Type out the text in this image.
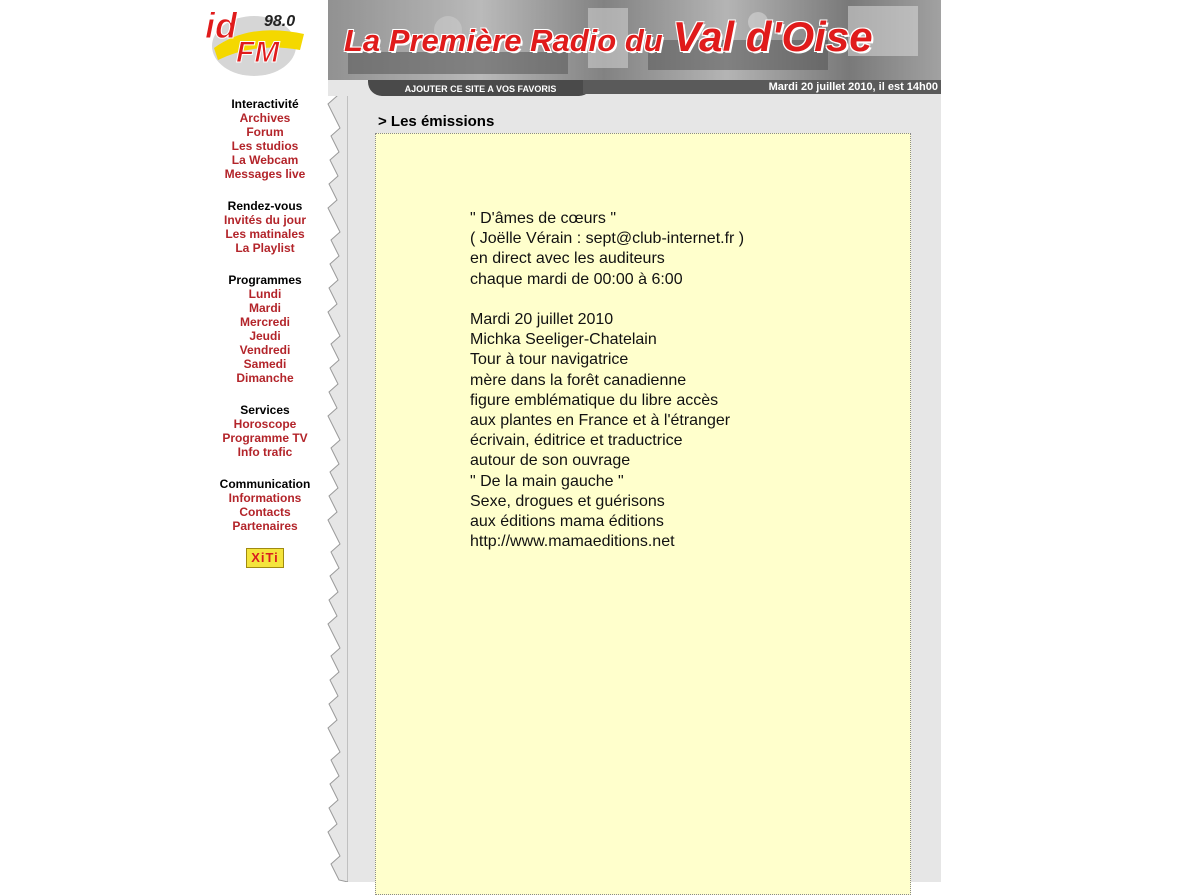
id
FM
98.0
Interactivité
Archives
Forum
Les studios
La Webcam
Messages live
Rendez-vous
Invités du jour
Les matinales
La Playlist
Programmes
Lundi
Mardi
Mercredi
Jeudi
Vendredi
Samedi
Dimanche
Services
Horoscope
Programme TV
Info trafic
Communication
Informations
Contacts
Partenaires
XiTi
La Première Radio du Val d'Oise
AJOUTER CE SITE A VOS FAVORIS	Mardi 20 juillet 2010, il est 14h00
> Les émissions
" D'âmes de cœurs "
( Joëlle Vérain : sept@club-internet.fr )
en direct avec les auditeurs
chaque mardi de 00:00 à 6:00
Mardi 20 juillet 2010
Michka Seeliger-Chatelain
Tour à tour navigatrice
mère dans la forêt canadienne
figure emblématique du libre accès
aux plantes en France et à l'étranger
écrivain, éditrice et traductrice
autour de son ouvrage
" De la main gauche "
Sexe, drogues et guérisons
aux éditions mama éditions
http://www.mamaeditions.net
